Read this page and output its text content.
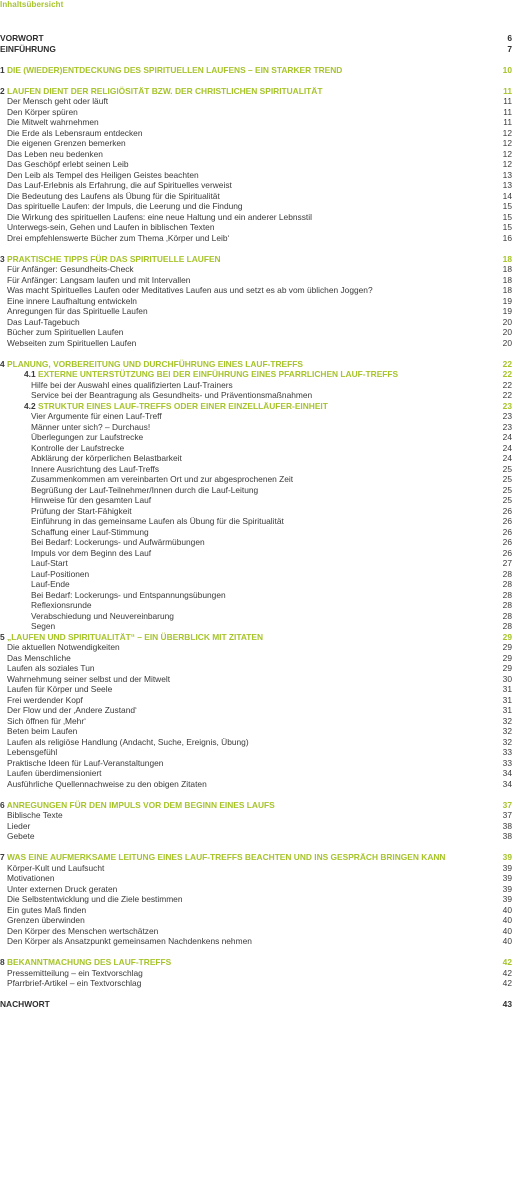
Inhaltsübersicht
VORWORT	6
EINFÜHRUNG	7
1 DIE (WIEDER)ENTDECKUNG DES SPIRITUELLEN LAUFENS – EIN STARKER TREND	10
2 LAUFEN DIENT DER RELIGIÖSITÄT BZW. DER CHRISTLICHEN SPIRITUALITÄT	11
Der Mensch geht oder läuft	11
Den Körper spüren	11
Die Mitwelt wahrnehmen	11
Die Erde als Lebensraum entdecken	12
Die eigenen Grenzen bemerken	12
Das Leben neu bedenken	12
Das Geschöpf erlebt seinen Leib	12
Den Leib als Tempel des Heiligen Geistes beachten	13
Das Lauf-Erlebnis als Erfahrung, die auf Spirituelles verweist	13
Die Bedeutung des Laufens als Übung für die Spiritualität	14
Das spirituelle Laufen: der Impuls, die Leerung und die Findung	15
Die Wirkung des spirituellen Laufens: eine neue Haltung und ein anderer Lebnsstil	15
Unterwegs-sein, Gehen und Laufen in biblischen Texten	15
Drei empfehlenswerte Bücher zum Thema ‚Körper und Leib‘	16
3 PRAKTISCHE TIPPS FÜR DAS SPIRITUELLE LAUFEN	18
Für Anfänger: Gesundheits-Check	18
Für Anfänger: Langsam laufen und mit Intervallen	18
Was macht Spirituelles Laufen oder Meditatives Laufen aus und setzt es ab vom üblichen Joggen?	18
Eine innere Laufhaltung entwickeln	19
Anregungen für das Spirituelle Laufen	19
Das Lauf-Tagebuch	20
Bücher zum Spirituellen Laufen	20
Webseiten zum Spirituellen Laufen	20
4 PLANUNG, VORBEREITUNG UND DURCHFÜHRUNG EINES LAUF-TREFFS	22
4.1 EXTERNE UNTERSTÜTZUNG BEI DER EINFÜHRUNG EINES PFARRLICHEN LAUF-TREFFS	22
Hilfe bei der Auswahl eines qualifizierten Lauf-Trainers	22
Service bei der Beantragung als Gesundheits- und Präventionsmaßnahmen	22
4.2 STRUKTUR EINES LAUF-TREFFS ODER EINER EINZELLÄUFER-EINHEIT	23
Vier Argumente für einen Lauf-Treff	23
Männer unter sich? – Durchaus!	23
Überlegungen zur Laufstrecke	24
Kontrolle der Laufstrecke	24
Abklärung der körperlichen Belastbarkeit	24
Innere Ausrichtung des Lauf-Treffs	25
Zusammenkommen am vereinbarten Ort und zur abgesprochenen Zeit	25
Begrüßung der Lauf-Teilnehmer/Innen durch die Lauf-Leitung	25
Hinweise für den gesamten Lauf	25
Prüfung der Start-Fähigkeit	26
Einführung in das gemeinsame Laufen als Übung für die Spiritualität	26
Schaffung einer Lauf-Stimmung	26
Bei Bedarf: Lockerungs- und Aufwärmübungen	26
Impuls vor dem Beginn des Lauf	26
Lauf-Start	27
Lauf-Positionen	28
Lauf-Ende	28
Bei Bedarf: Lockerungs- und Entspannungsübungen	28
Reflexionsrunde	28
Verabschiedung und Neuvereinbarung	28
Segen	28
5 „LAUFEN UND SPIRITUALITÄT“ – EIN ÜBERBLICK MIT ZITATEN	29
Die aktuellen Notwendigkeiten	29
Das Menschliche	29
Laufen als soziales Tun	29
Wahrnehmung seiner selbst und der Mitwelt	30
Laufen für Körper und Seele	31
Frei werdender Kopf	31
Der Flow und der ‚Andere Zustand‘	31
Sich öffnen für ‚Mehr‘	32
Beten beim Laufen	32
Laufen als religiöse Handlung (Andacht, Suche, Ereignis, Übung)	32
Lebensgefühl	33
Praktische Ideen für Lauf-Veranstaltungen	33
Laufen überdimensioniert	34
Ausführliche Quellennachweise zu den obigen Zitaten	34
6 ANREGUNGEN FÜR DEN IMPULS VOR DEM BEGINN EINES LAUFS	37
Biblische Texte	37
Lieder	38
Gebete	38
7 WAS EINE AUFMERKSAME LEITUNG EINES LAUF-TREFFS BEACHTEN UND INS GESPRÄCH BRINGEN KANN	39
Körper-Kult und Laufsucht	39
Motivationen	39
Unter externen Druck geraten	39
Die Selbstentwicklung und die Ziele bestimmen	39
Ein gutes Maß finden	40
Grenzen überwinden	40
Den Körper des Menschen wertschätzen	40
Den Körper als Ansatzpunkt gemeinsamen Nachdenkens nehmen	40
8 BEKANNTMACHUNG DES LAUF-TREFFS	42
Pressemitteilung – ein Textvorschlag	42
Pfarrbrief-Artikel – ein Textvorschlag	42
NACHWORT	43
